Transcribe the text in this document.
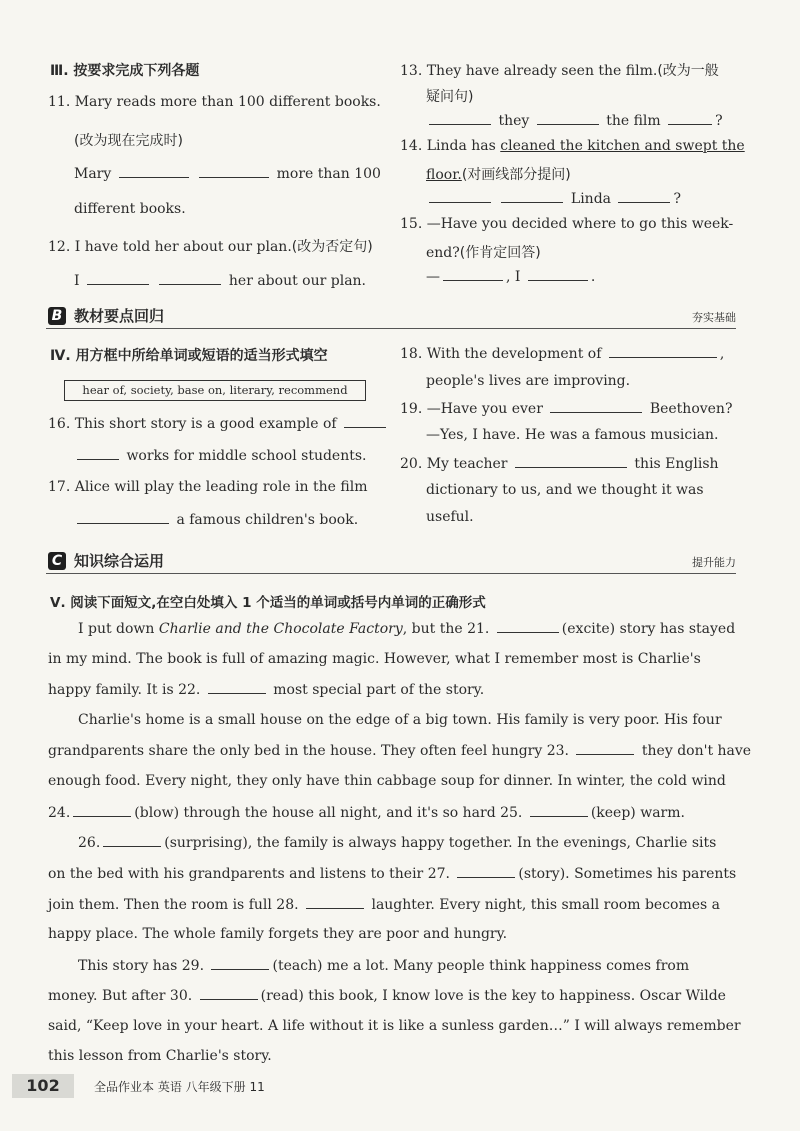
Ⅲ. 按要求完成下列各题
11. Mary reads more than 100 different books.
(改为现在完成时)
Mary	more than 100
different books.
12. I have told her about our plan.(改为否定句)
I	her about our plan.
13. They have already seen the film.(改为一般
疑问句)
they	the film	?
14. Linda has cleaned the kitchen and swept the
floor.(对画线部分提问)
Linda	?
15. —Have you decided where to go this week-
end?(作肯定回答)
—	, I	.
B 教材要点回归	夯实基础
Ⅳ. 用方框中所给单词或短语的适当形式填空
16. This short story is a good example of
works for middle school students.
17. Alice will play the leading role in the film
a famous children's book.
hear of, society, base on, literary, recommend
18. With the development of	,
people's lives are improving.
19. —Have you ever	Beethoven?
—Yes, I have. He was a famous musician.
20. My teacher	this English
dictionary to us, and we thought it was
useful.
C 知识综合运用	提升能力
Ⅴ. 阅读下面短文,在空白处填入 1 个适当的单词或括号内单词的正确形式
I put down Charlie and the Chocolate Factory, but the 21.	(excite) story has stayed
in my mind. The book is full of amazing magic. However, what I remember most is Charlie's
happy family. It is 22.	most special part of the story.
Charlie's home is a small house on the edge of a big town. His family is very poor. His four
grandparents share the only bed in the house. They often feel hungry 23.	they don't have
enough food. Every night, they only have thin cabbage soup for dinner. In winter, the cold wind
24.	(blow) through the house all night, and it's so hard 25.	(keep) warm.
26.	(surprising), the family is always happy together. In the evenings, Charlie sits
on the bed with his grandparents and listens to their 27.	(story). Sometimes his parents
join them. Then the room is full 28.	laughter. Every night, this small room becomes a
happy place. The whole family forgets they are poor and hungry.
This story has 29.	(teach) me a lot. Many people think happiness comes from
money. But after 30.	(read) this book, I know love is the key to happiness. Oscar Wilde
said, “Keep love in your heart. A life without it is like a sunless garden…” I will always remember
this lesson from Charlie's story.
102	全品作业本 英语 八年级下册 11
